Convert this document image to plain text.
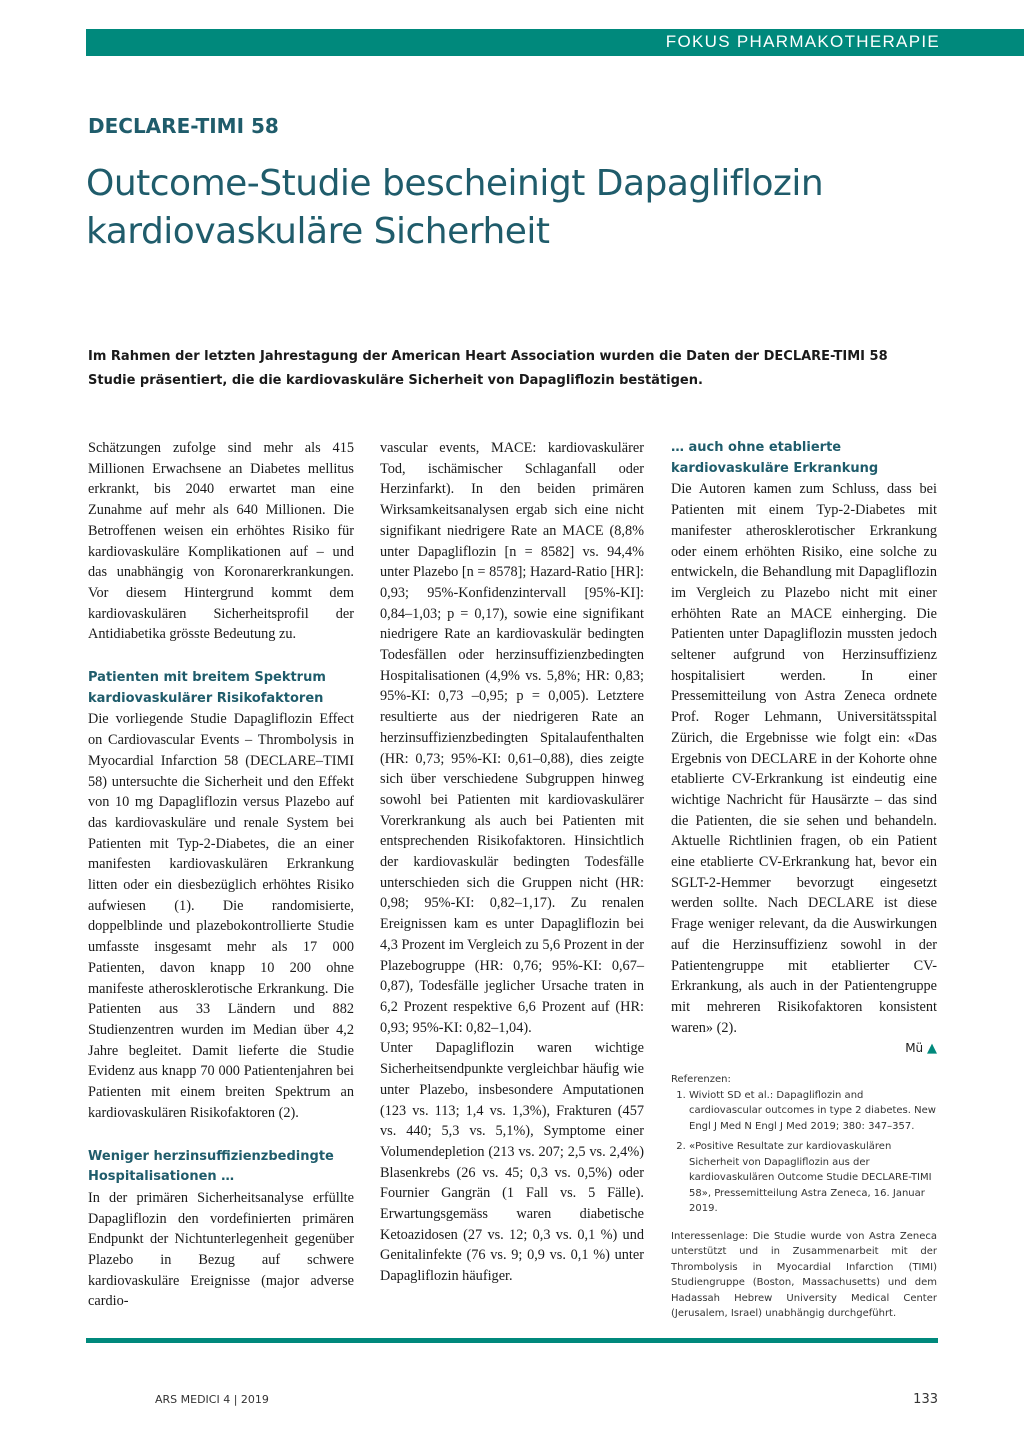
FOKUS PHARMAKOTHERAPIE
DECLARE-TIMI 58
Outcome-Studie bescheinigt Dapagliflozin kardiovaskuläre Sicherheit

Im Rahmen der letzten Jahrestagung der American Heart Association wurden die Daten der DECLARE-TIMI 58 Studie präsentiert, die die kardiovaskuläre Sicherheit von Dapagliflozin bestätigen.

Schätzungen zufolge sind mehr als 415 Millionen Erwachsene an Diabetes mellitus erkrankt, bis 2040 erwartet man eine Zunahme auf mehr als 640 Millionen. Die Betroffenen weisen ein erhöhtes Risiko für kardiovaskuläre Komplikationen auf – und das unabhängig von Koronarerkrankungen. Vor diesem Hintergrund kommt dem kardiovaskulären Sicherheitsprofil der Antidiabetika grösste Bedeutung zu.

Patienten mit breitem Spektrum kardiovaskulärer Risikofaktoren

Die vorliegende Studie Dapagliflozin Effect on Cardiovascular Events – Thrombolysis in Myocardial Infarction 58 (DECLARE–TIMI 58) untersuchte die Sicherheit und den Effekt von 10 mg Dapagliflozin versus Plazebo auf das kardiovaskuläre und renale System bei Patienten mit Typ-2-Diabetes, die an einer manifesten kardiovaskulären Erkrankung litten oder ein diesbezüglich erhöhtes Risiko aufwiesen (1). Die randomisierte, doppelblinde und plazebokontrollierte Studie umfasste insgesamt mehr als 17 000 Patienten, davon knapp 10 200 ohne manifeste atherosklerotische Erkrankung. Die Patienten aus 33 Ländern und 882 Studienzentren wurden im Median über 4,2 Jahre begleitet. Damit lieferte die Studie Evidenz aus knapp 70 000 Patientenjahren bei Patienten mit einem breiten Spektrum an kardiovaskulären Risikofaktoren (2).

Weniger herzinsuffizienzbedingte Hospitalisationen …

In der primären Sicherheitsanalyse erfüllte Dapagliflozin den vordefinierten primären Endpunkt der Nichtunterlegenheit gegenüber Plazebo in Bezug auf schwere kardiovaskuläre Ereignisse (major adverse cardio-

vascular events, MACE: kardiovaskulärer Tod, ischämischer Schlaganfall oder Herzinfarkt). In den beiden primären Wirksamkeitsanalysen ergab sich eine nicht signifikant niedrigere Rate an MACE (8,8% unter Dapagliflozin [n = 8582] vs. 94,4% unter Plazebo [n = 8578]; Hazard-Ratio [HR]: 0,93; 95%-Konfidenzintervall [95%-KI]: 0,84–1,03; p = 0,17), sowie eine signifikant niedrigere Rate an kardiovaskulär bedingten Todesfällen oder herzinsuffizienzbedingten Hospitalisationen (4,9% vs. 5,8%; HR: 0,83; 95%-KI: 0,73 –0,95; p = 0,005). Letztere resultierte aus der niedrigeren Rate an herzinsuffizienzbedingten Spitalaufenthalten (HR: 0,73; 95%-KI: 0,61–0,88), dies zeigte sich über verschiedene Subgruppen hinweg sowohl bei Patienten mit kardiovaskulärer Vorerkrankung als auch bei Patienten mit entsprechenden Risikofaktoren. Hinsichtlich der kardiovaskulär bedingten Todesfälle unterschieden sich die Gruppen nicht (HR: 0,98; 95%-KI: 0,82–1,17). Zu renalen Ereignissen kam es unter Dapagliflozin bei 4,3 Prozent im Vergleich zu 5,6 Prozent in der Plazebogruppe (HR: 0,76; 95%-KI: 0,67– 0,87), Todesfälle jeglicher Ursache traten in 6,2 Prozent respektive 6,6 Prozent auf (HR: 0,93; 95%-KI: 0,82–1,04).

Unter Dapagliflozin waren wichtige Sicherheitsendpunkte vergleichbar häufig wie unter Plazebo, insbesondere Amputationen (123 vs. 113; 1,4 vs. 1,3%), Frakturen (457 vs. 440; 5,3 vs. 5,1%), Symptome einer Volumendepletion (213 vs. 207; 2,5 vs. 2,4%) Blasenkrebs (26 vs. 45; 0,3 vs. 0,5%) oder Fournier Gangrän (1 Fall vs. 5 Fälle). Erwartungsgemäss waren diabetische Ketoazidosen (27 vs. 12; 0,3 vs. 0,1 %) und Genitalinfekte (76 vs. 9; 0,9 vs. 0,1 %) unter Dapagliflozin häufiger.

… auch ohne etablierte kardiovaskuläre Erkrankung

Die Autoren kamen zum Schluss, dass bei Patienten mit einem Typ-2-Diabetes mit manifester atherosklerotischer Erkrankung oder einem erhöhten Risiko, eine solche zu entwickeln, die Behandlung mit Dapagliflozin im Vergleich zu Plazebo nicht mit einer erhöhten Rate an MACE einherging. Die Patienten unter Dapagliflozin mussten jedoch seltener aufgrund von Herzinsuffizienz hospitalisiert werden. In einer Pressemitteilung von Astra Zeneca ordnete Prof. Roger Lehmann, Universitätsspital Zürich, die Ergebnisse wie folgt ein: «Das Ergebnis von DECLARE in der Kohorte ohne etablierte CV-Erkrankung ist eindeutig eine wichtige Nachricht für Hausärzte – das sind die Patienten, die sie sehen und behandeln. Aktuelle Richtlinien fragen, ob ein Patient eine etablierte CV-Erkrankung hat, bevor ein SGLT-2-Hemmer bevorzugt eingesetzt werden sollte. Nach DECLARE ist diese Frage weniger relevant, da die Auswirkungen auf die Herzinsuffizienz sowohl in der Patientengruppe mit etablierter CV-Erkrankung, als auch in der Patientengruppe mit mehreren Risikofaktoren konsistent waren» (2).

Mü ▲

Referenzen:

1. Wiviott SD et al.: Dapagliflozin and cardiovascular outcomes in type 2 diabetes. New Engl J Med N Engl J Med 2019; 380: 347–357.
2. «Positive Resultate zur kardiovaskulären Sicherheit von Dapagliflozin aus der kardiovaskulären Outcome Studie DECLARE-TIMI 58», Pressemitteilung Astra Zeneca, 16. Januar 2019.
Interessenlage: Die Studie wurde von Astra Zeneca unterstützt und in Zusammenarbeit mit der Thrombolysis in Myocardial Infarction (TIMI) Studiengruppe (Boston, Massachusetts) und dem Hadassah Hebrew University Medical Center (Jerusalem, Israel) unabhängig durchgeführt.
ARS MEDICI 4 | 2019	133
